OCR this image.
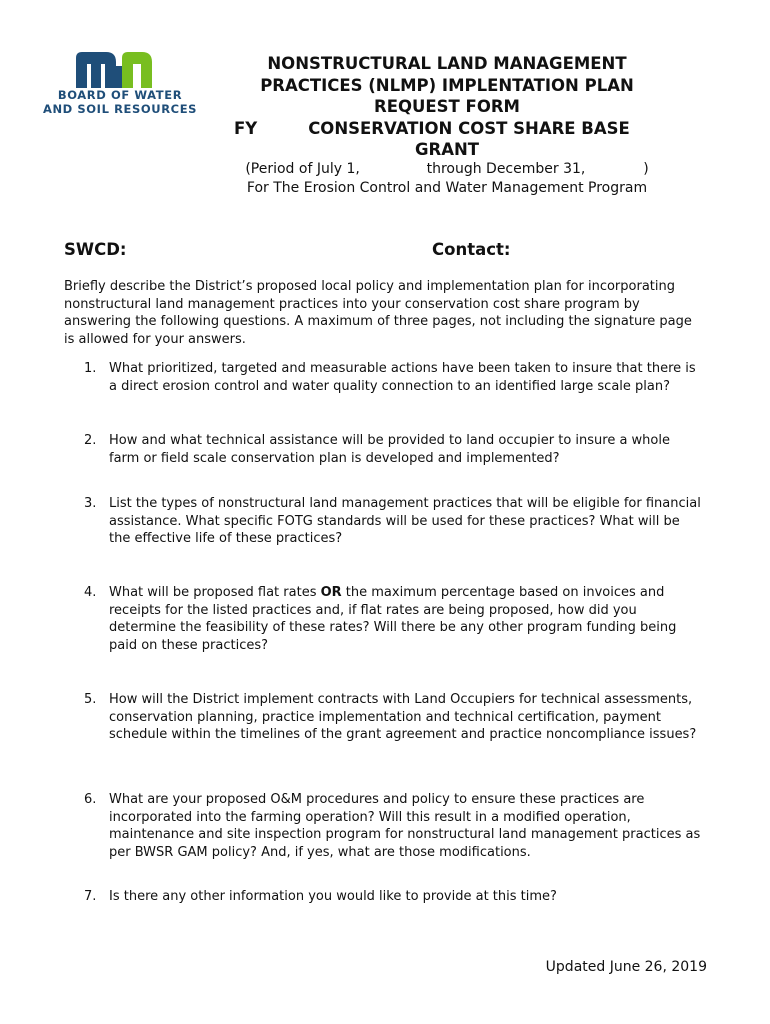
BOARD OF WATER
AND SOIL RESOURCES
NONSTRUCTURAL LAND MANAGEMENT
PRACTICES (NLMP) IMPLENTATION PLAN
REQUEST FORM
FY	CONSERVATION COST SHARE BASE
GRANT
(Period of July 1,	through December 31,	)
For The Erosion Control and Water Management Program
SWCD:	Contact:
Briefly describe the District’s proposed local policy and implementation plan for incorporating nonstructural land management practices into your conservation cost share program by answering the following questions. A maximum of three pages, not including the signature page is allowed for your answers.
1. What prioritized, targeted and measurable actions have been taken to insure that there is a direct erosion control and water quality connection to an identified large scale plan?
2. How and what technical assistance will be provided to land occupier to insure a whole farm or field scale conservation plan is developed and implemented?
3. List the types of nonstructural land management practices that will be eligible for financial assistance. What specific FOTG standards will be used for these practices? What will be the effective life of these practices?
4. What will be proposed flat rates OR the maximum percentage based on invoices and receipts for the listed practices and, if flat rates are being proposed, how did you determine the feasibility of these rates? Will there be any other program funding being paid on these practices?
5. How will the District implement contracts with Land Occupiers for technical assessments, conservation planning, practice implementation and technical certification, payment schedule within the timelines of the grant agreement and practice noncompliance issues?
6. What are your proposed O&M procedures and policy to ensure these practices are incorporated into the farming operation? Will this result in a modified operation, maintenance and site inspection program for nonstructural land management practices as per BWSR GAM policy? And, if yes, what are those modifications.
7. Is there any other information you would like to provide at this time?
Updated June 26, 2019
